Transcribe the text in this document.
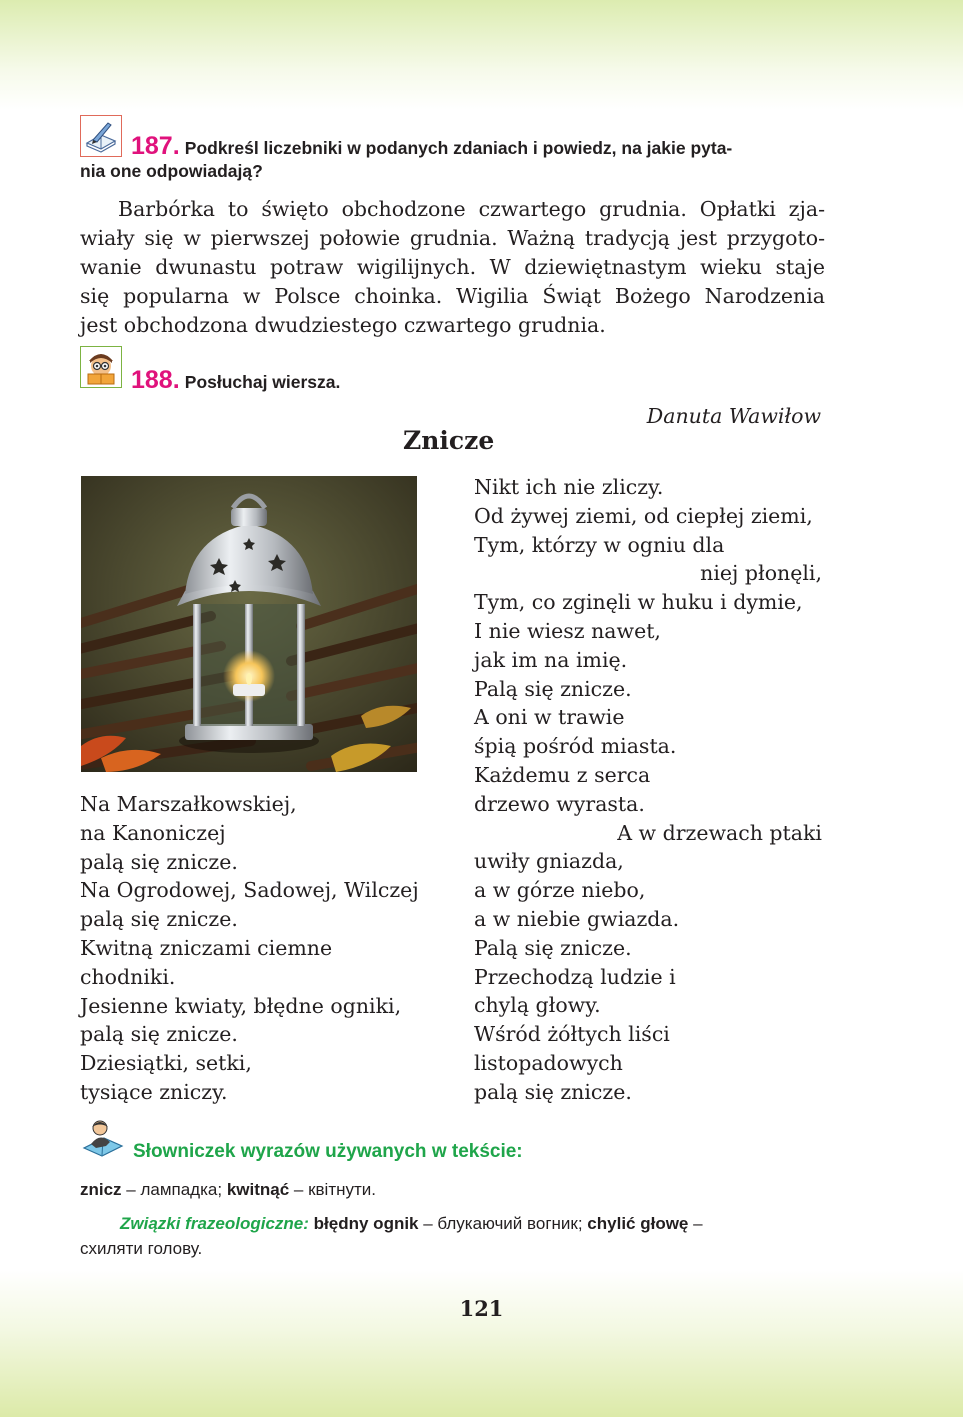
187. Podkreśl liczebniki w podanych zdaniach i powiedz, na jakie pyta-
nia one odpowiadają?
Barbórka to święto obchodzone czwartego grudnia. Opłatki zja-
wiały się w pierwszej połowie grudnia. Ważną tradycją jest przygoto-
wanie dwunastu potraw wigilijnych. W dziewiętnastym wieku staje
się popularna w Polsce choinka. Wigilia Świąt Bożego Narodzenia
jest obchodzona dwudziestego czwartego grudnia.
188. Posłuchaj wiersza.
Danuta Wawiłow
Znicze
Na Marszałkowskiej,
na Kanoniczej
palą się znicze.
Na Ogrodowej, Sadowej, Wilczej
palą się znicze.
Kwitną zniczami ciemne
chodniki.
Jesienne kwiaty, błędne ogniki,
palą się znicze.
Dziesiątki, setki,
tysiące zniczy.
Nikt ich nie zliczy.
Od żywej ziemi, od ciepłej ziemi,
Tym, którzy w ogniu dla
niej płonęli,
Tym, co zginęli w huku i dymie,
I nie wiesz nawet,
jak im na imię.
Palą się znicze.
A oni w trawie
śpią pośród miasta.
Każdemu z serca
drzewo wyrasta.
A w drzewach ptaki
uwiły gniazda,
a w górze niebo,
a w niebie gwiazda.
Palą się znicze.
Przechodzą ludzie i
chylą głowy.
Wśród żółtych liści
listopadowych
palą się znicze.
Słowniczek wyrazów używanych w tekście:
znicz – лампадка; kwitnąć – квітнути.
Związki frazeologiczne: błędny ognik – блукаючий вогник; chylić głowę –
схиляти голову.
121
